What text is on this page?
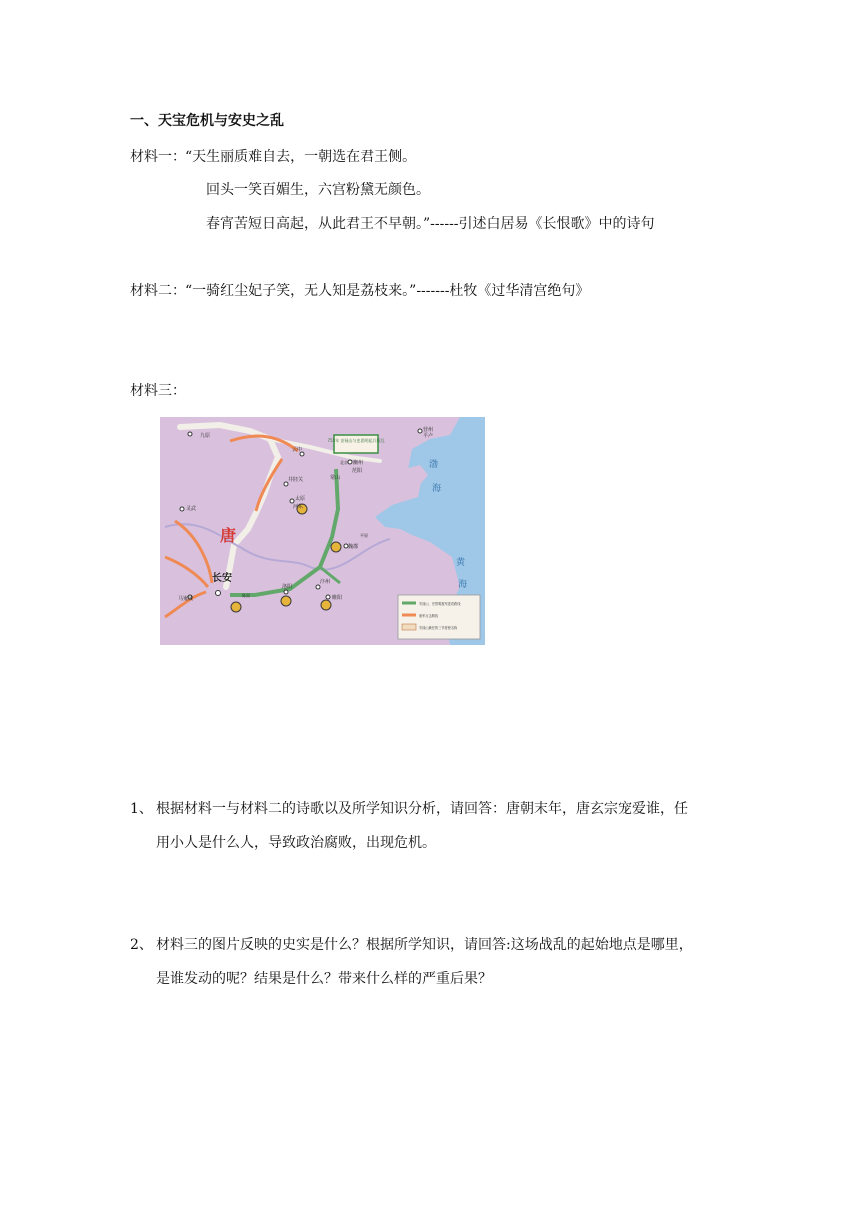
一、天宝危机与安史之乱
材料一： “天生丽质难自去，一朝选在君王侧。
回头一笑百媚生，六宫粉黛无颜色。
春宵苦短日高起，从此君王不早朝。”------引述白居易《长恨歌》中的诗句
材料二： “一骑红尘妃子笑，无人知是荔枝来。”-------杜牧《过华清宫绝句》
材料三：
755年 安禄山与史思明起兵叛乱
唐
长安
九原
云中
灵武
井陉关
太原
河东
常山
幽州
范阳
北京
营州
平卢
魏郡
陈留
洛阳
汴州
睢阳
马嵬坡
平原
渤
海
黄
海
安禄山、史思明叛军进攻路线
唐军反击路线
安禄山兼任的三节度使名称
1、 根据材料一与材料二的诗歌以及所学知识分析，请回答：唐朝末年，唐玄宗宠爱谁，任
用小人是什么人，导致政治腐败，出现危机。
2、 材料三的图片反映的史实是什么？根据所学知识，请回答:这场战乱的起始地点是哪里，
是谁发动的呢？结果是什么？带来什么样的严重后果？
